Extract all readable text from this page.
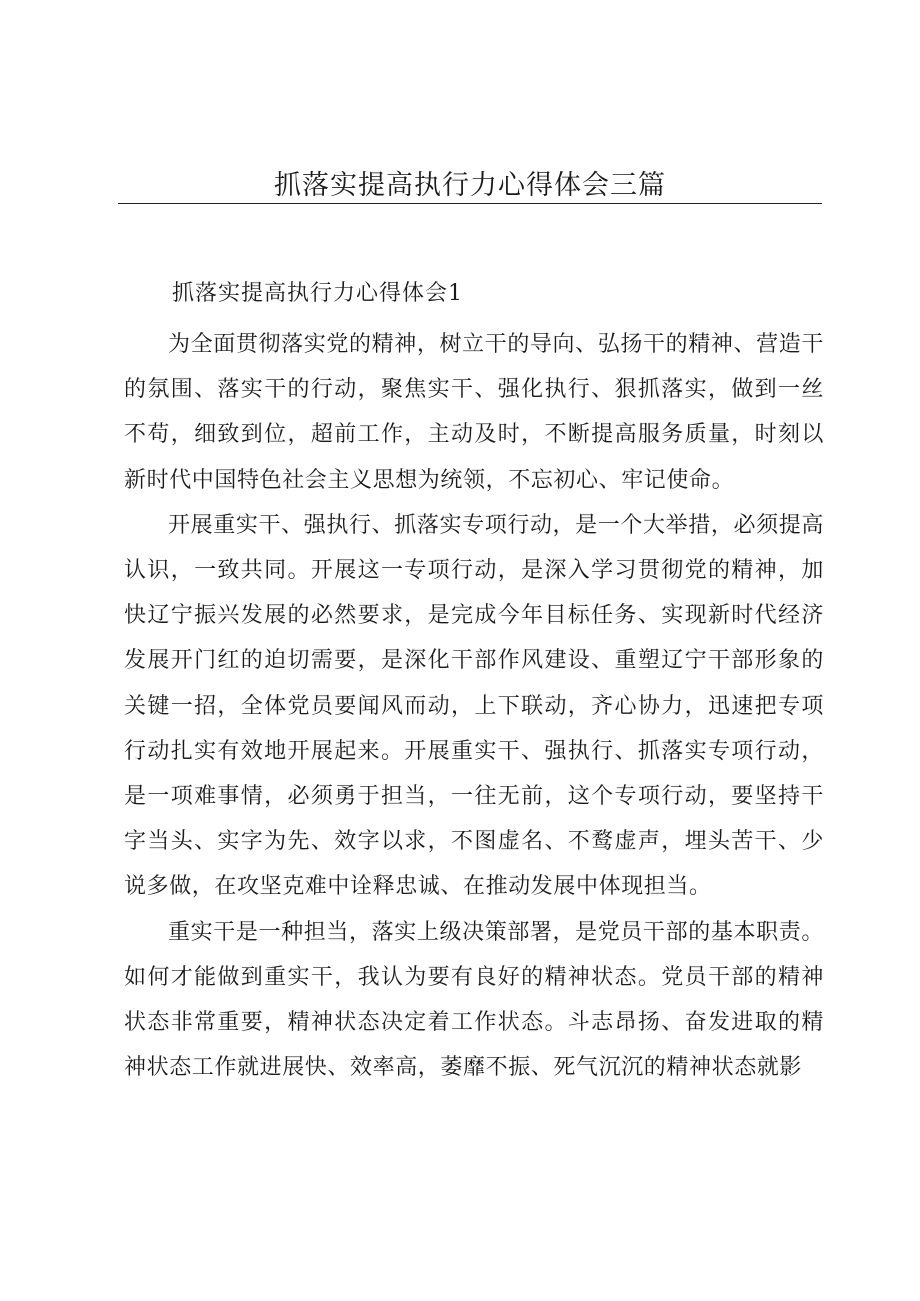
抓落实提高执行力心得体会三篇
抓落实提高执行力心得体会1

为全面贯彻落实党的精神，树立干的导向、弘扬干的精神、营造干的氛围、落实干的行动，聚焦实干、强化执行、狠抓落实，做到一丝不苟，细致到位，超前工作，主动及时，不断提高服务质量，时刻以新时代中国特色社会主义思想为统领，不忘初心、牢记使命。

开展重实干、强执行、抓落实专项行动，是一个大举措，必须提高认识，一致共同。开展这一专项行动，是深入学习贯彻党的精神，加快辽宁振兴发展的必然要求，是完成今年目标任务、实现新时代经济发展开门红的迫切需要，是深化干部作风建设、重塑辽宁干部形象的关键一招，全体党员要闻风而动，上下联动，齐心协力，迅速把专项行动扎实有效地开展起来。开展重实干、强执行、抓落实专项行动，是一项难事情，必须勇于担当，一往无前，这个专项行动，要坚持干字当头、实字为先、效字以求，不图虚名、不鹜虚声，埋头苦干、少说多做，在攻坚克难中诠释忠诚、在推动发展中体现担当。

重实干是一种担当，落实上级决策部署，是党员干部的基本职责。如何才能做到重实干，我认为要有良好的精神状态。党员干部的精神状态非常重要，精神状态决定着工作状态。斗志昂扬、奋发进取的精神状态工作就进展快、效率高，萎靡不振、死气沉沉的精神状态就影
